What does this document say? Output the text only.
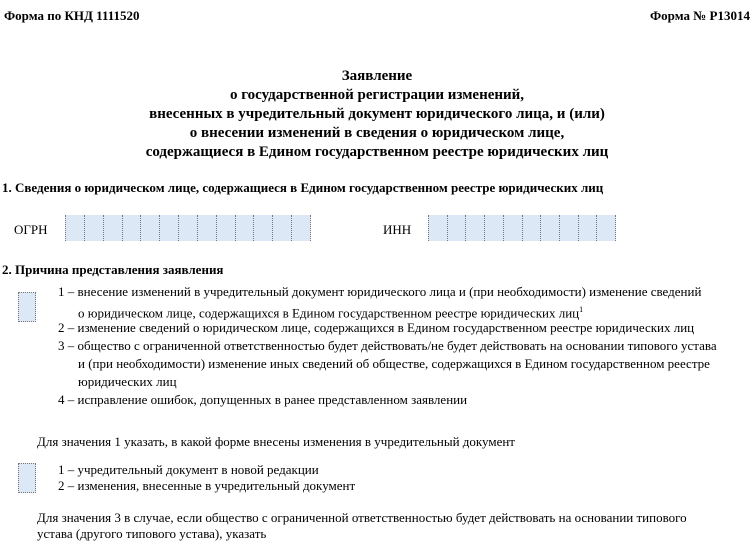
Форма по КНД 1111520	Форма № Р13014
Заявление
о государственной регистрации изменений,
внесенных в учредительный документ юридического лица, и (или)
о внесении изменений в сведения о юридическом лице,
содержащиеся в Едином государственном реестре юридических лиц
1. Сведения о юридическом лице, содержащиеся в Едином государственном реестре юридических лиц
ОГРН	ИНН
2. Причина представления заявления
1 – внесение изменений в учредительный документ юридического лица и (при необходимости) изменение сведений
о юридическом лице, содержащихся в Едином государственном реестре юридических лиц$^1$
2 – изменение сведений о юридическом лице, содержащихся в Едином государственном реестре юридических лиц
3 – общество с ограниченной ответственностью будет действовать/не будет действовать на основании типового устава
и (при необходимости) изменение иных сведений об обществе, содержащихся в Едином государственном реестре
юридических лиц
4 – исправление ошибок, допущенных в ранее представленном заявлении
Для значения 1 указать, в какой форме внесены изменения в учредительный документ
1 – учредительный документ в новой редакции
2 – изменения, внесенные в учредительный документ
Для значения 3 в случае, если общество с ограниченной ответственностью будет действовать на основании типового
устава (другого типового устава), указать
